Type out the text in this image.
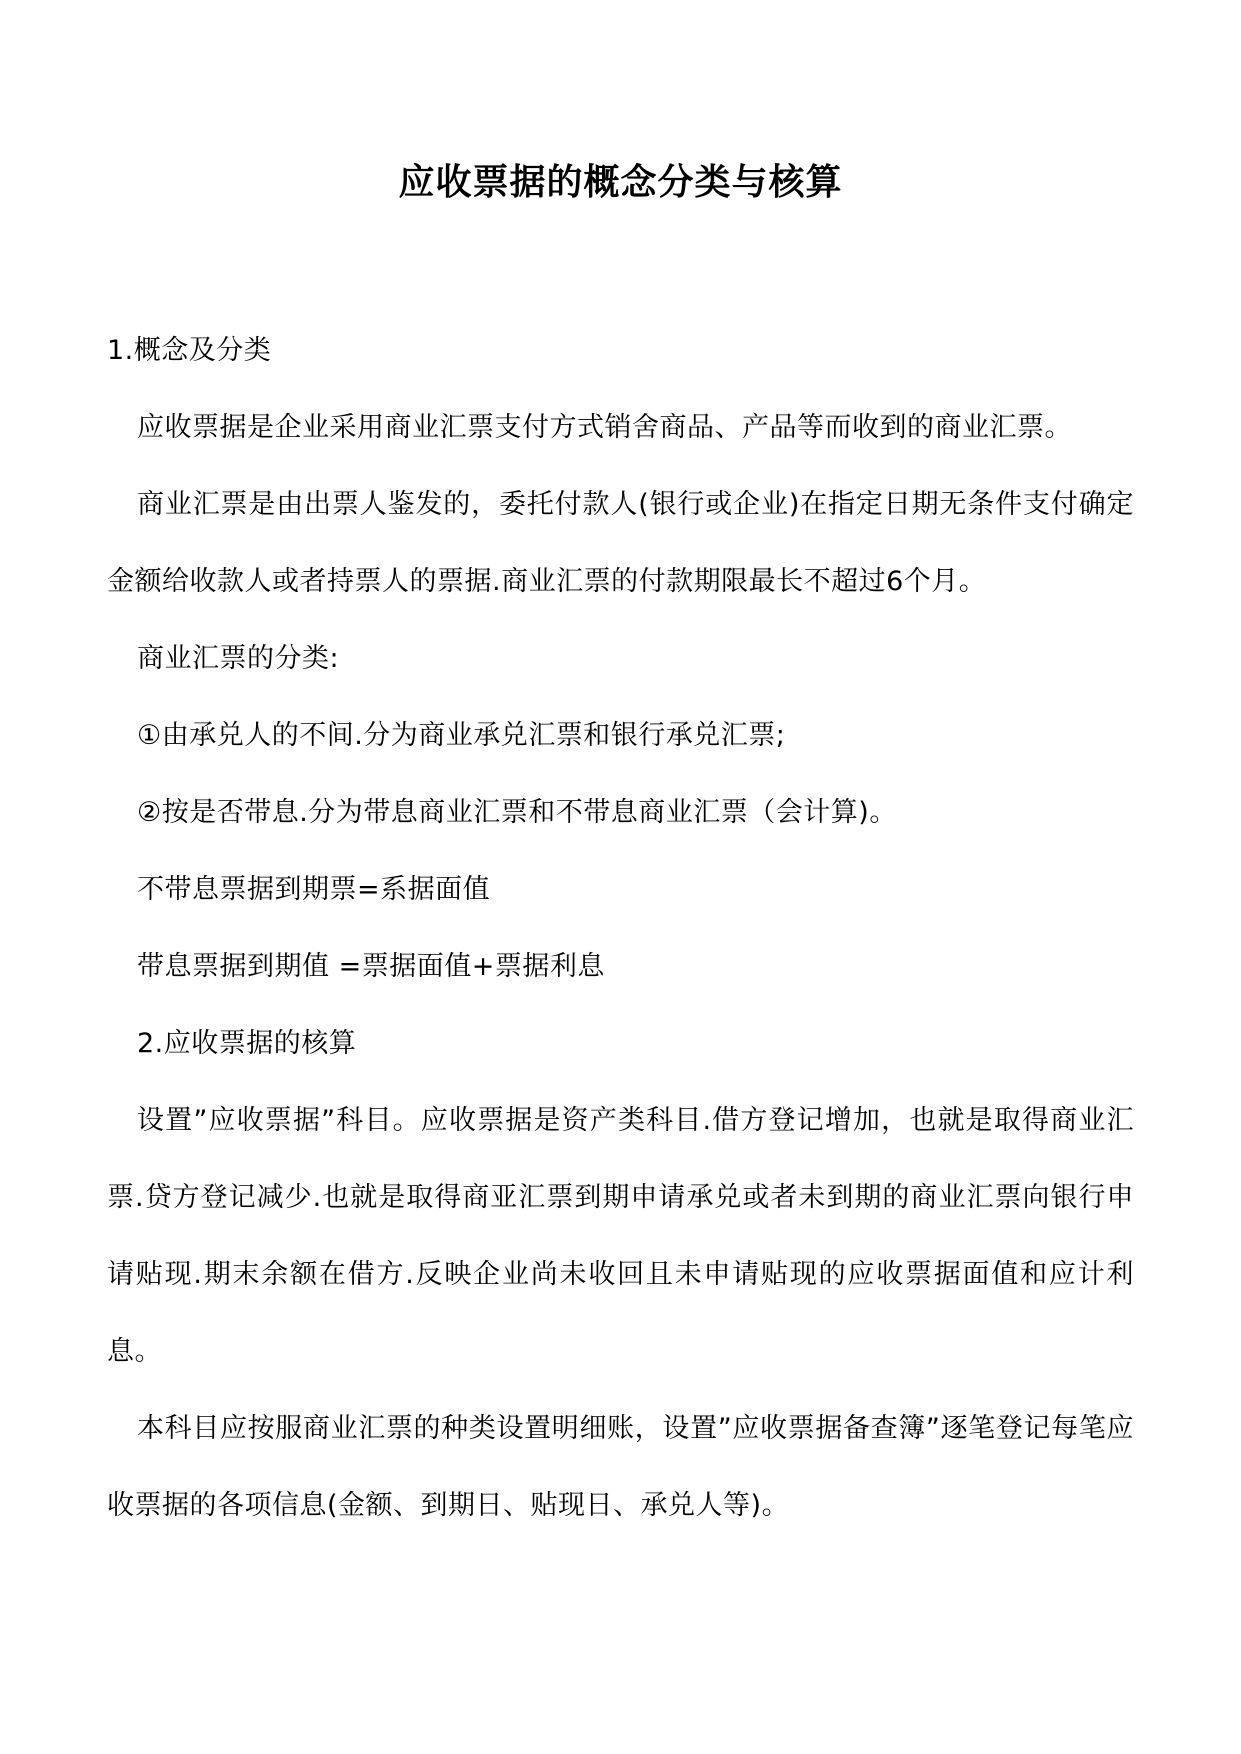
应收票据的概念分类与核算

1.概念及分类

应收票据是企业采用商业汇票支付方式销舍商品、产品等而收到的商业汇票。

商业汇票是由出票人鉴发的，委托付款人(银行或企业)在指定日期无条件支付确定金额给收款人或者持票人的票据.商业汇票的付款期限最长不超过6个月。

商业汇票的分类:

①由承兑人的不间.分为商业承兑汇票和银行承兑汇票;

②按是否带息.分为带息商业汇票和不带息商业汇票（会计算)。

不带息票据到期票=系据面值

带息票据到期值 =票据面值+票据利息

2.应收票据的核算

设置”应收票据”科目。应收票据是资产类科目.借方登记增加，也就是取得商业汇票.贷方登记减少.也就是取得商亚汇票到期申请承兑或者未到期的商业汇票向银行申请贴现.期末余额在借方.反映企业尚未收回且未申请贴现的应收票据面值和应计利息。

本科目应按服商业汇票的种类设置明细账，设置”应收票据备查簿”逐笔登记每笔应收票据的各项信息(金额、到期日、贴现日、承兑人等)。
